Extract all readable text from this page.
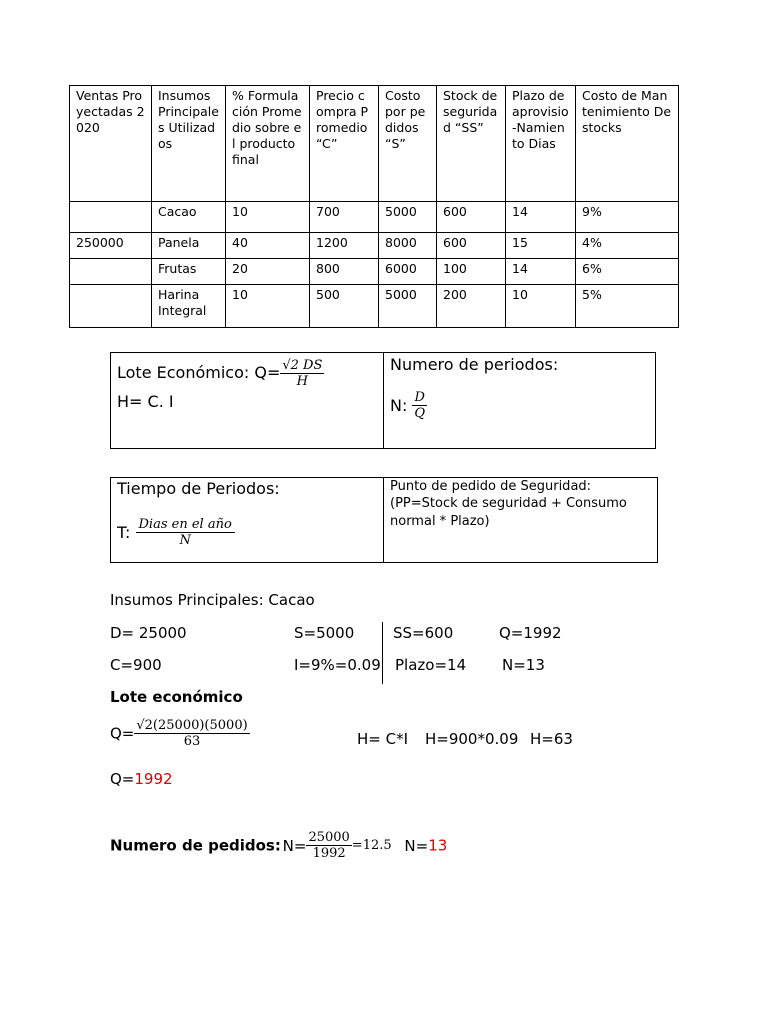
Ventas Proyectadas 2020	Insumos Principales Utilizados	% Formulación Promedio sobre el producto final	Precio compra Promedio “C”	Costo por pedidos “S”	Stock de seguridad “SS”	Plazo de aprovisio-Namiento Dias	Costo de Mantenimiento De stocks
	Cacao	10	700	5000	600	14	9%
250000	Panela	40	1200	8000	600	15	4%
	Frutas	20	800	6000	100	14	6%
	Harina Integral	10	500	5000	200	10	5%
Lote Económico: $Q= \frac{√2 DS}{H}$
H= C. I
Numero de periodos:
N: $\frac{D}{Q}$
Tiempo de Periodos:
T: $\frac{\text{Dias en el año}}{N}$
Punto de pedido de Seguridad:
(PP=Stock de seguridad + Consumo normal * Plazo)
Insumos Principales: Cacao
D= 25000	S=5000	SS=600	Q=1992
C=900	I=9%=0.09 Plazo=14 N=13
Lote económico
$Q= \frac{√2(25000)(5000)}{63}$	H= C*I H=900*0.09 H=63
Q=1992
Numero de pedidos: $N= \frac{25000}{1992} =12.5$ N=13
